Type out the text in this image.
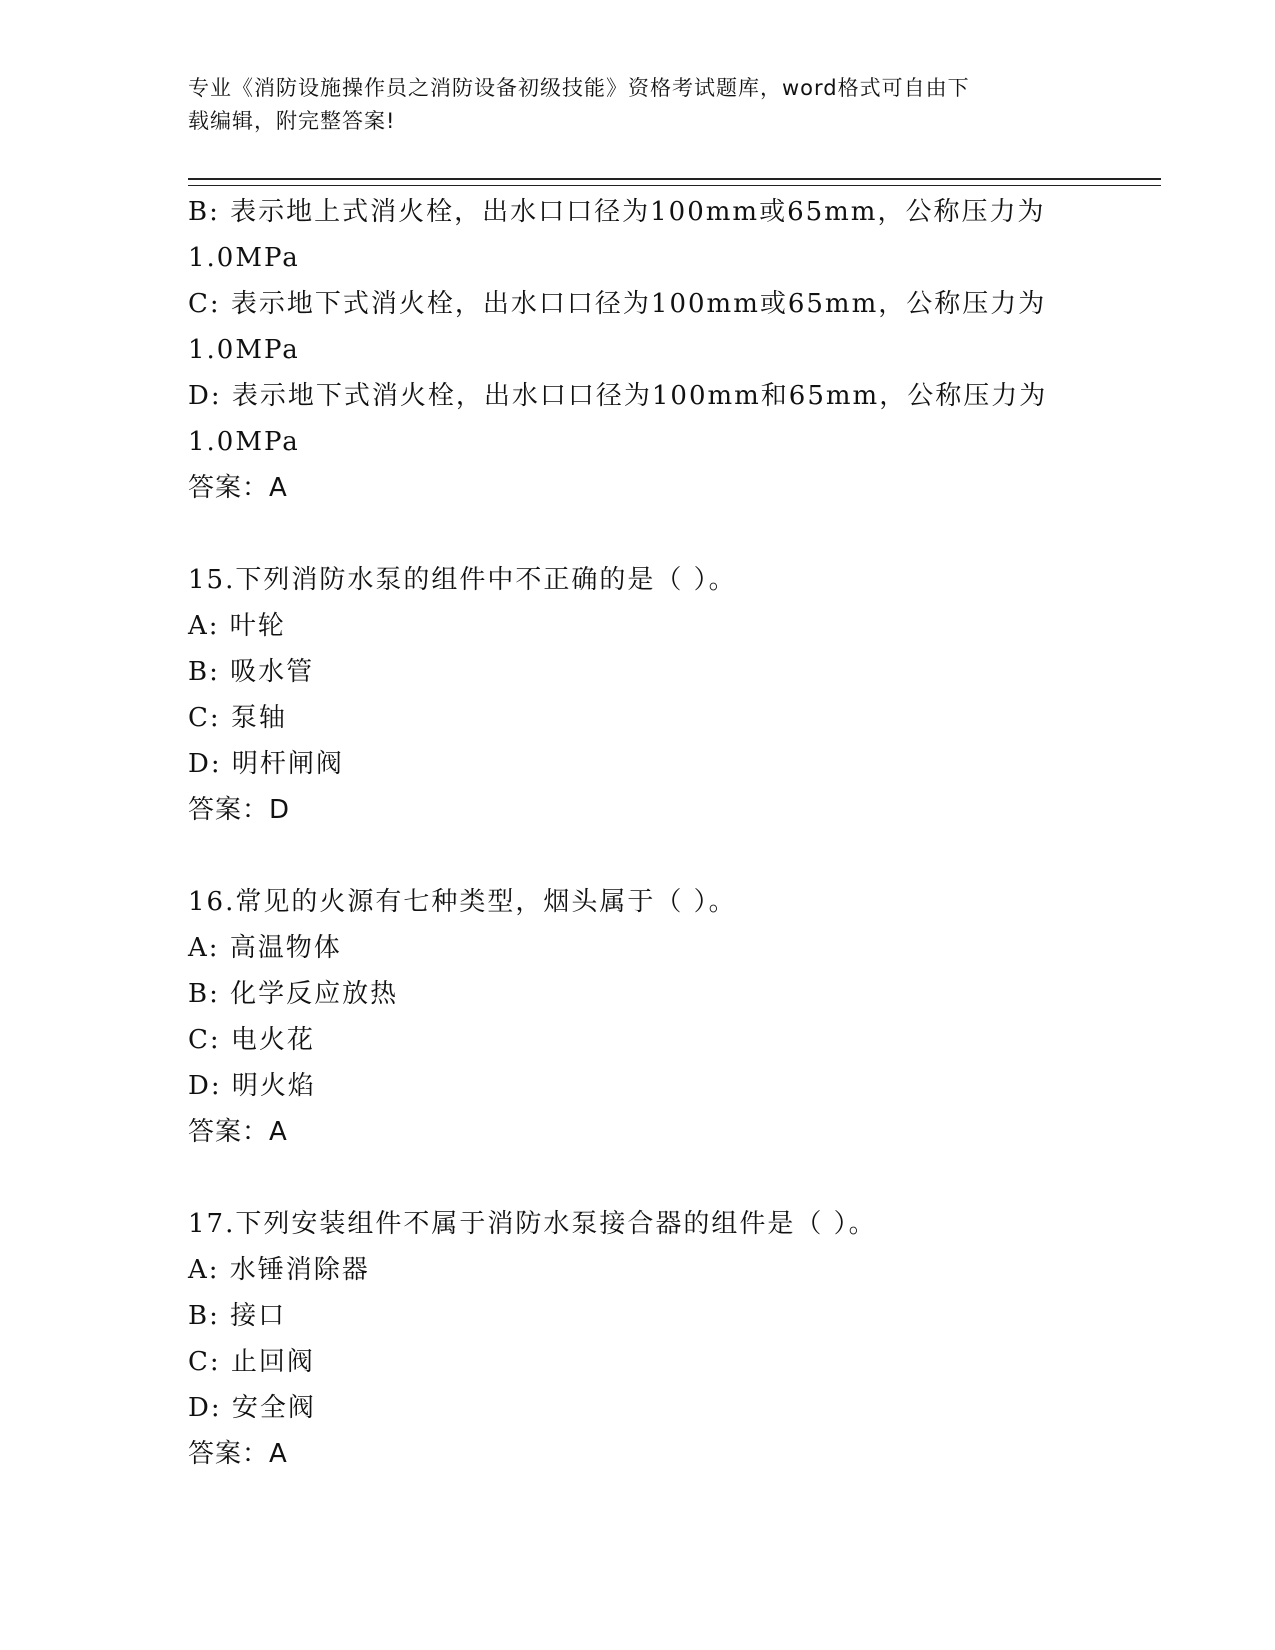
专业《消防设施操作员之消防设备初级技能》资格考试题库，word格式可自由下
载编辑，附完整答案!
B: 表示地上式消火栓，出水口口径为100mm或65mm，公称压力为
1.0MPa
C: 表示地下式消火栓，出水口口径为100mm或65mm，公称压力为
1.0MPa
D: 表示地下式消火栓，出水口口径为100mm和65mm，公称压力为
1.0MPa
答案：A
15.下列消防水泵的组件中不正确的是（ ）。
A: 叶轮
B: 吸水管
C: 泵轴
D: 明杆闸阀
答案：D
16.常见的火源有七种类型，烟头属于（ ）。
A: 高温物体
B: 化学反应放热
C: 电火花
D: 明火焰
答案：A
17.下列安装组件不属于消防水泵接合器的组件是（ ）。
A: 水锤消除器
B: 接口
C: 止回阀
D: 安全阀
答案：A
